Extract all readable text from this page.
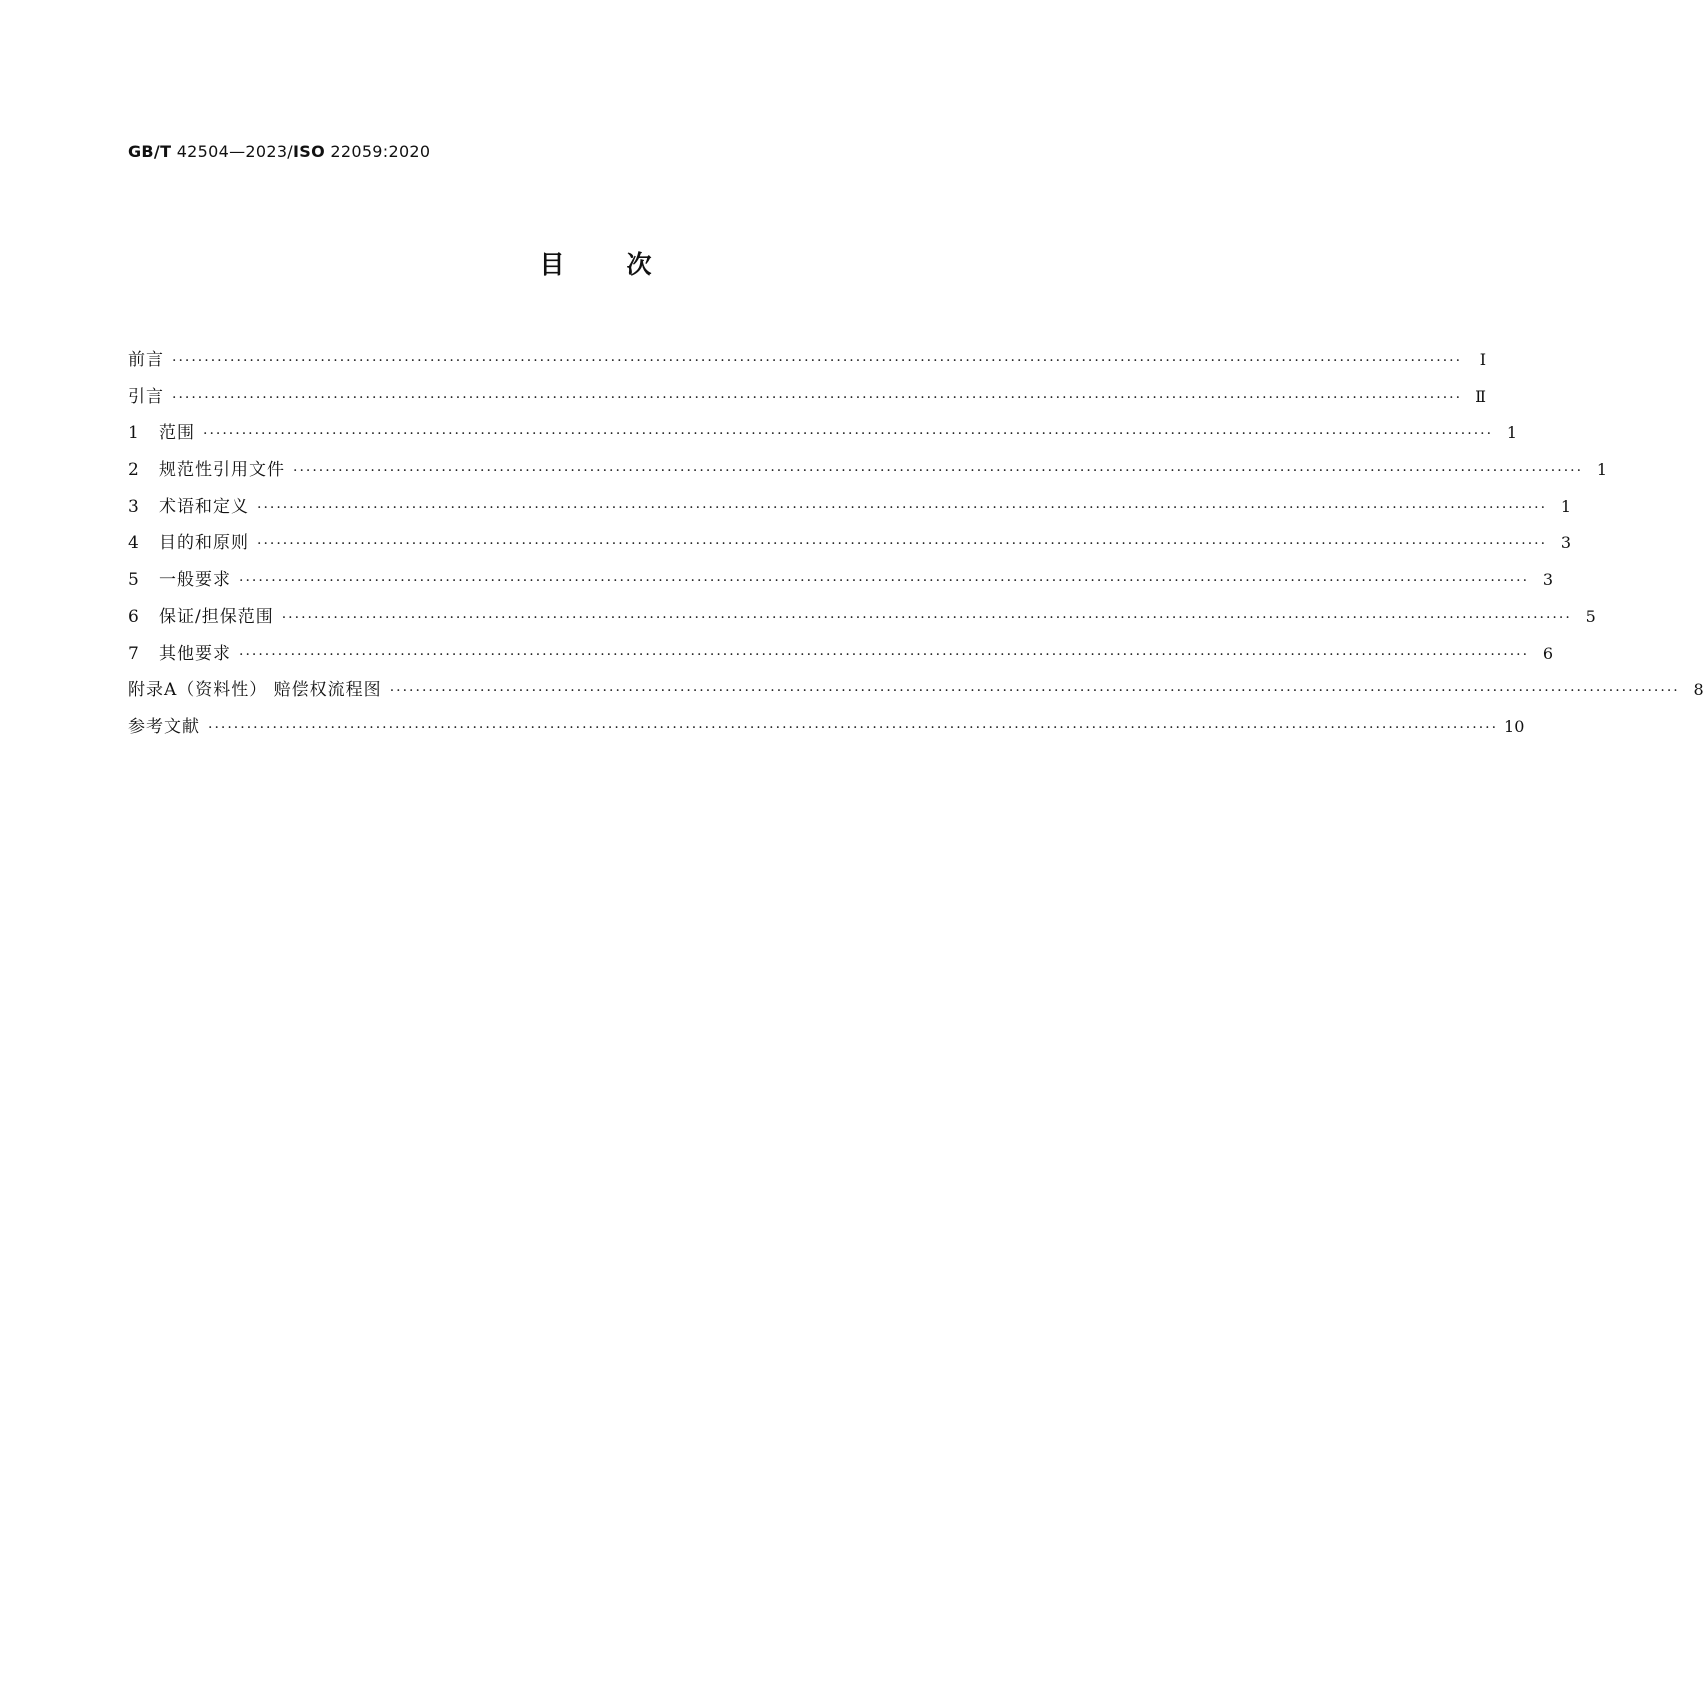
GB/T 42504—2023/ISO 22059:2020
目次
前言 ········································································································································································································	Ⅰ
引言 ········································································································································································································ Ⅱ
1	范围 ········································································································································································································ 1
2	规范性引用文件 ········································································································································································································ 1
3	术语和定义 ········································································································································································································ 1
4	目的和原则 ········································································································································································································ 3
5	一般要求 ········································································································································································································ 3
6	保证/担保范围 ········································································································································································································ 5
7	其他要求 ········································································································································································································ 6
附录A（资料性） 赔偿权流程图 ········································································································································································································ 8
参考文献 ········································································································································································································ 10
